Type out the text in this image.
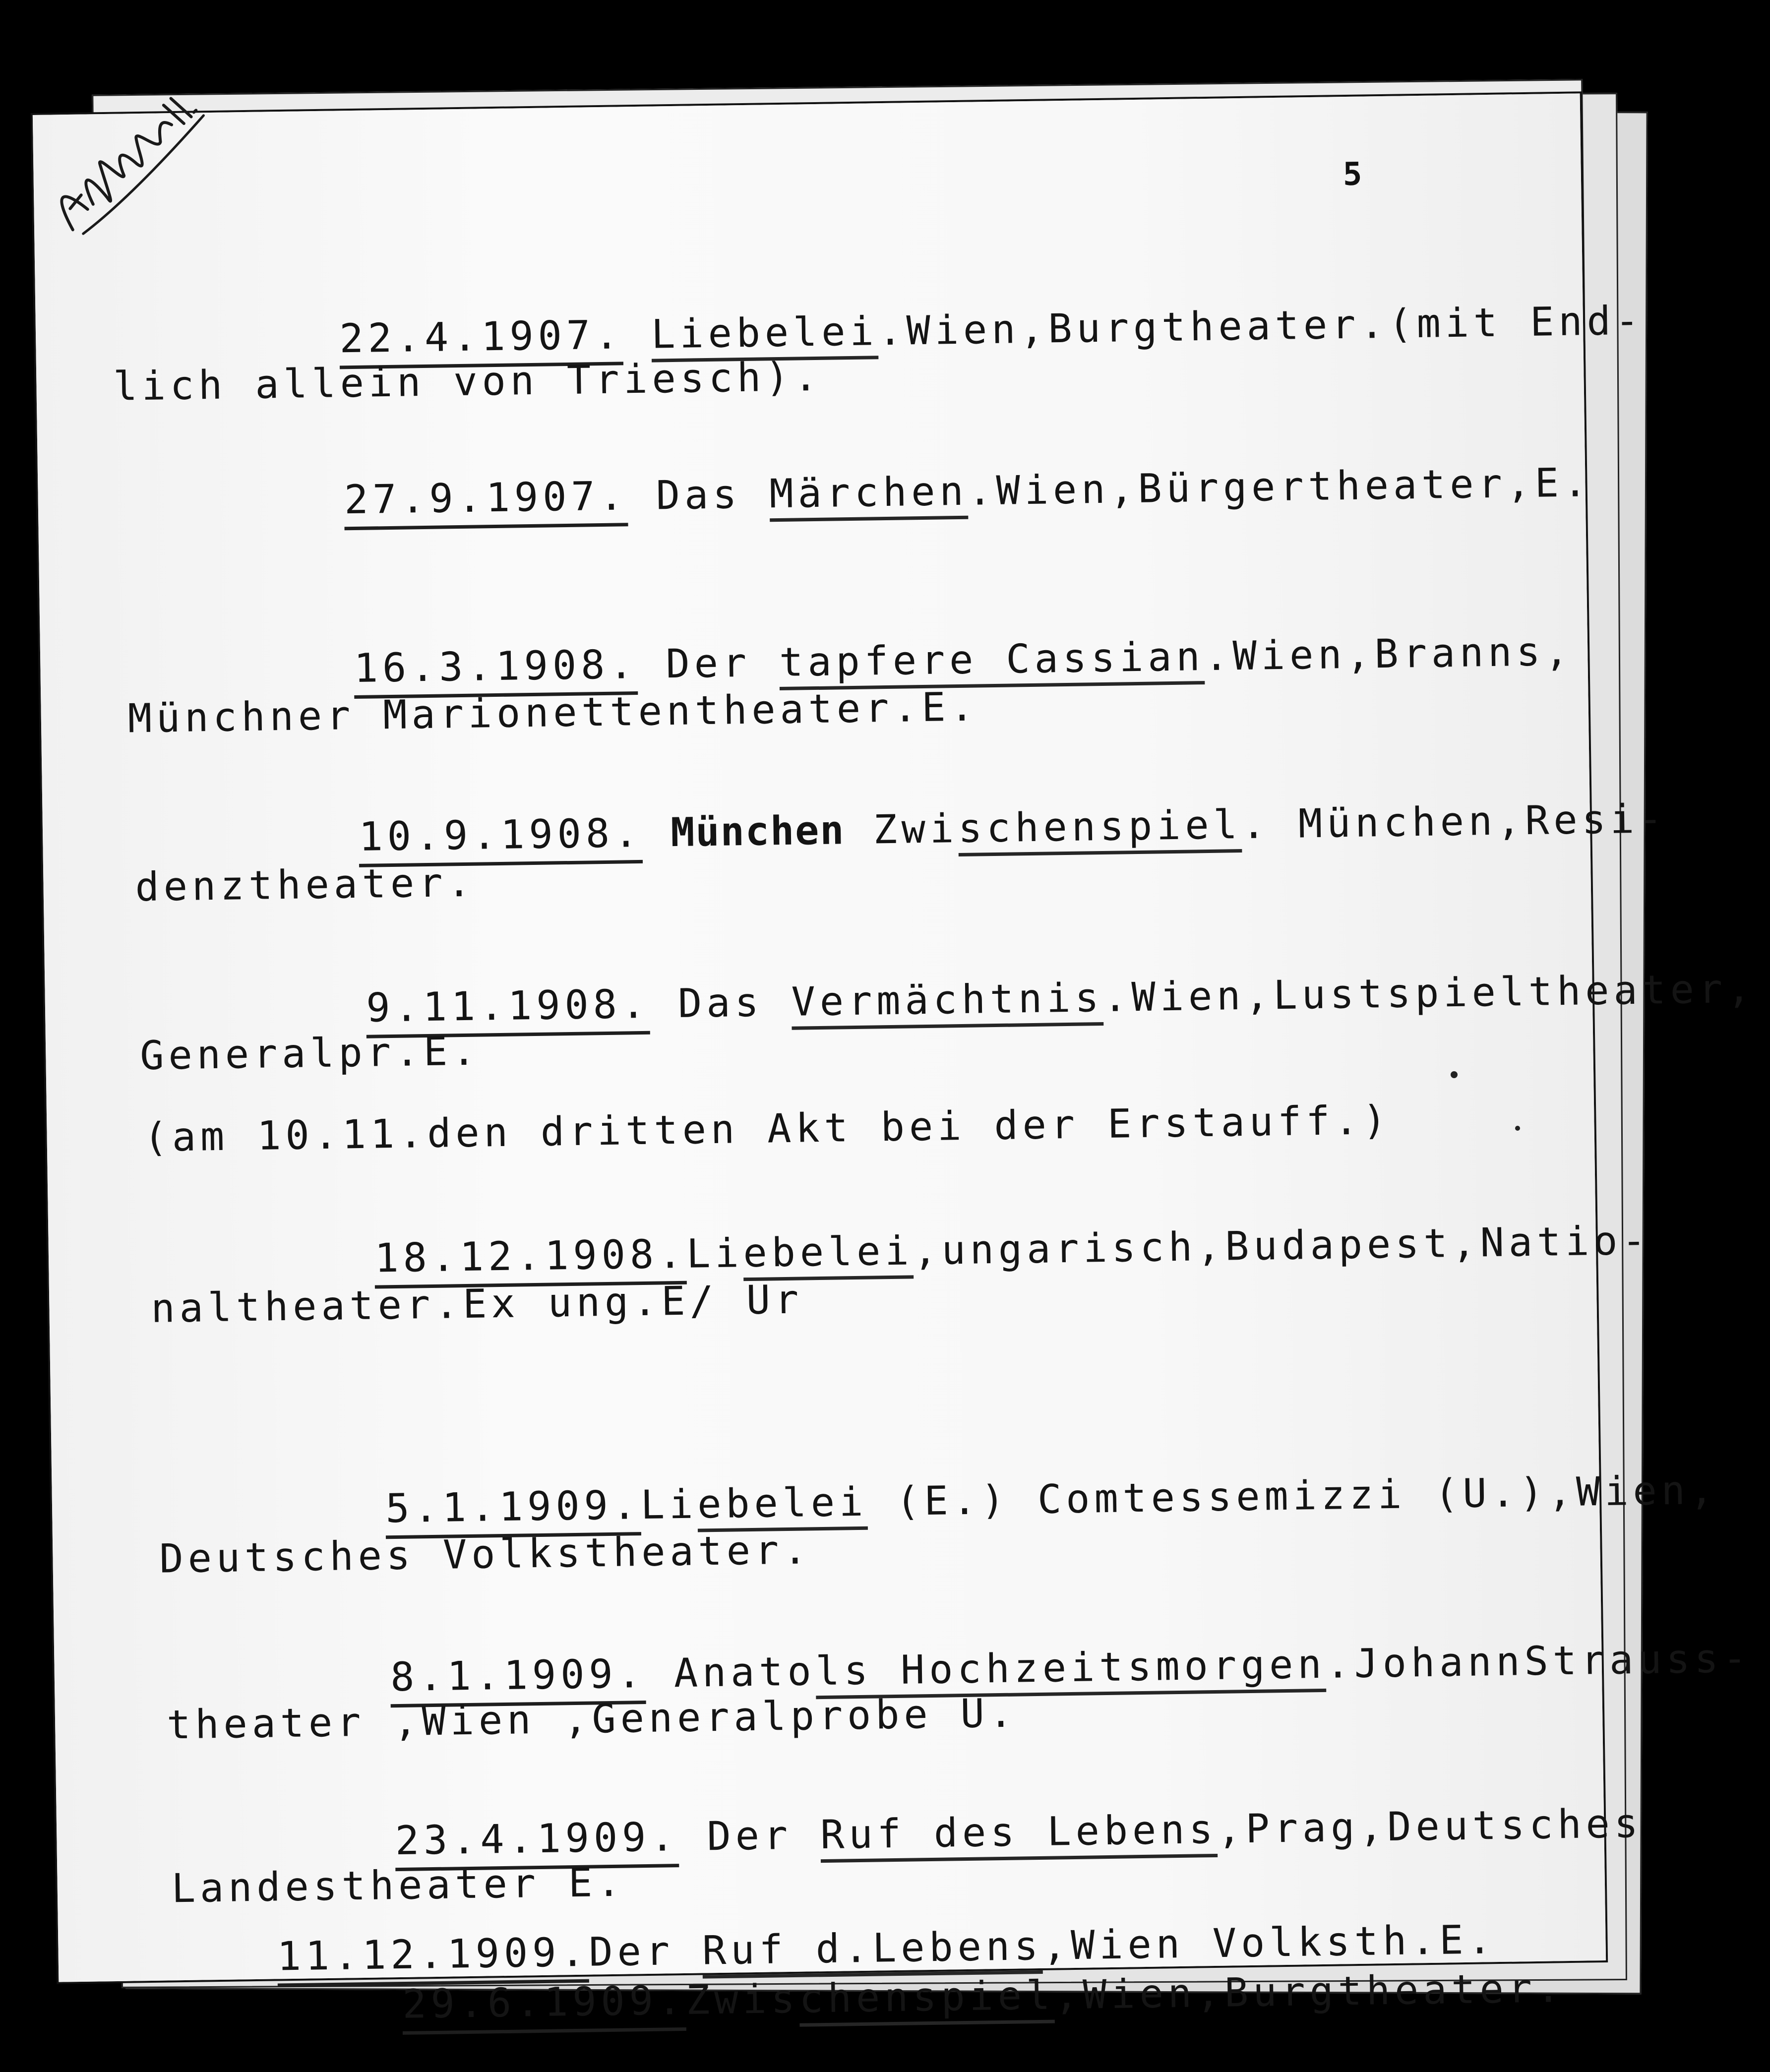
5

22.4.1907. Liebelei.Wien,Burgtheater.(mit End-

lich allein von Triesch).

27.9.1907. Das Märchen.Wien,Bürgertheater,E.

16.3.1908. Der tapfere Cassian.Wien,Branns,

Münchner Marionettentheater.E.

10.9.1908. München Zwischenspiel. München,Resi-

denztheater.

9.11.1908. Das Vermächtnis.Wien,Lustspieltheater,

Generalpr.E.
(am 10.11.den dritten Akt bei der Erstauff.)

18.12.1908.Liebelei,ungarisch,Budapest,Natio-

naltheater.Ex ung.E/ Ur

5.1.1909.Liebelei (E.) Comtessemizzi (U.),Wien,

Deutsches Volkstheater.

8.1.1909. Anatols Hochzeitsmorgen.JohannStrauss-

theater ,Wien ,Generalprobe U.

23.4.1909. Der Ruf des Lebens,Prag,Deutsches

Landestheater E.

29.6.1909.Zwischenspiel,Wien,Burgtheater.

11.12.1909.Der Ruf d.Lebens,Wien Volksth.E.
